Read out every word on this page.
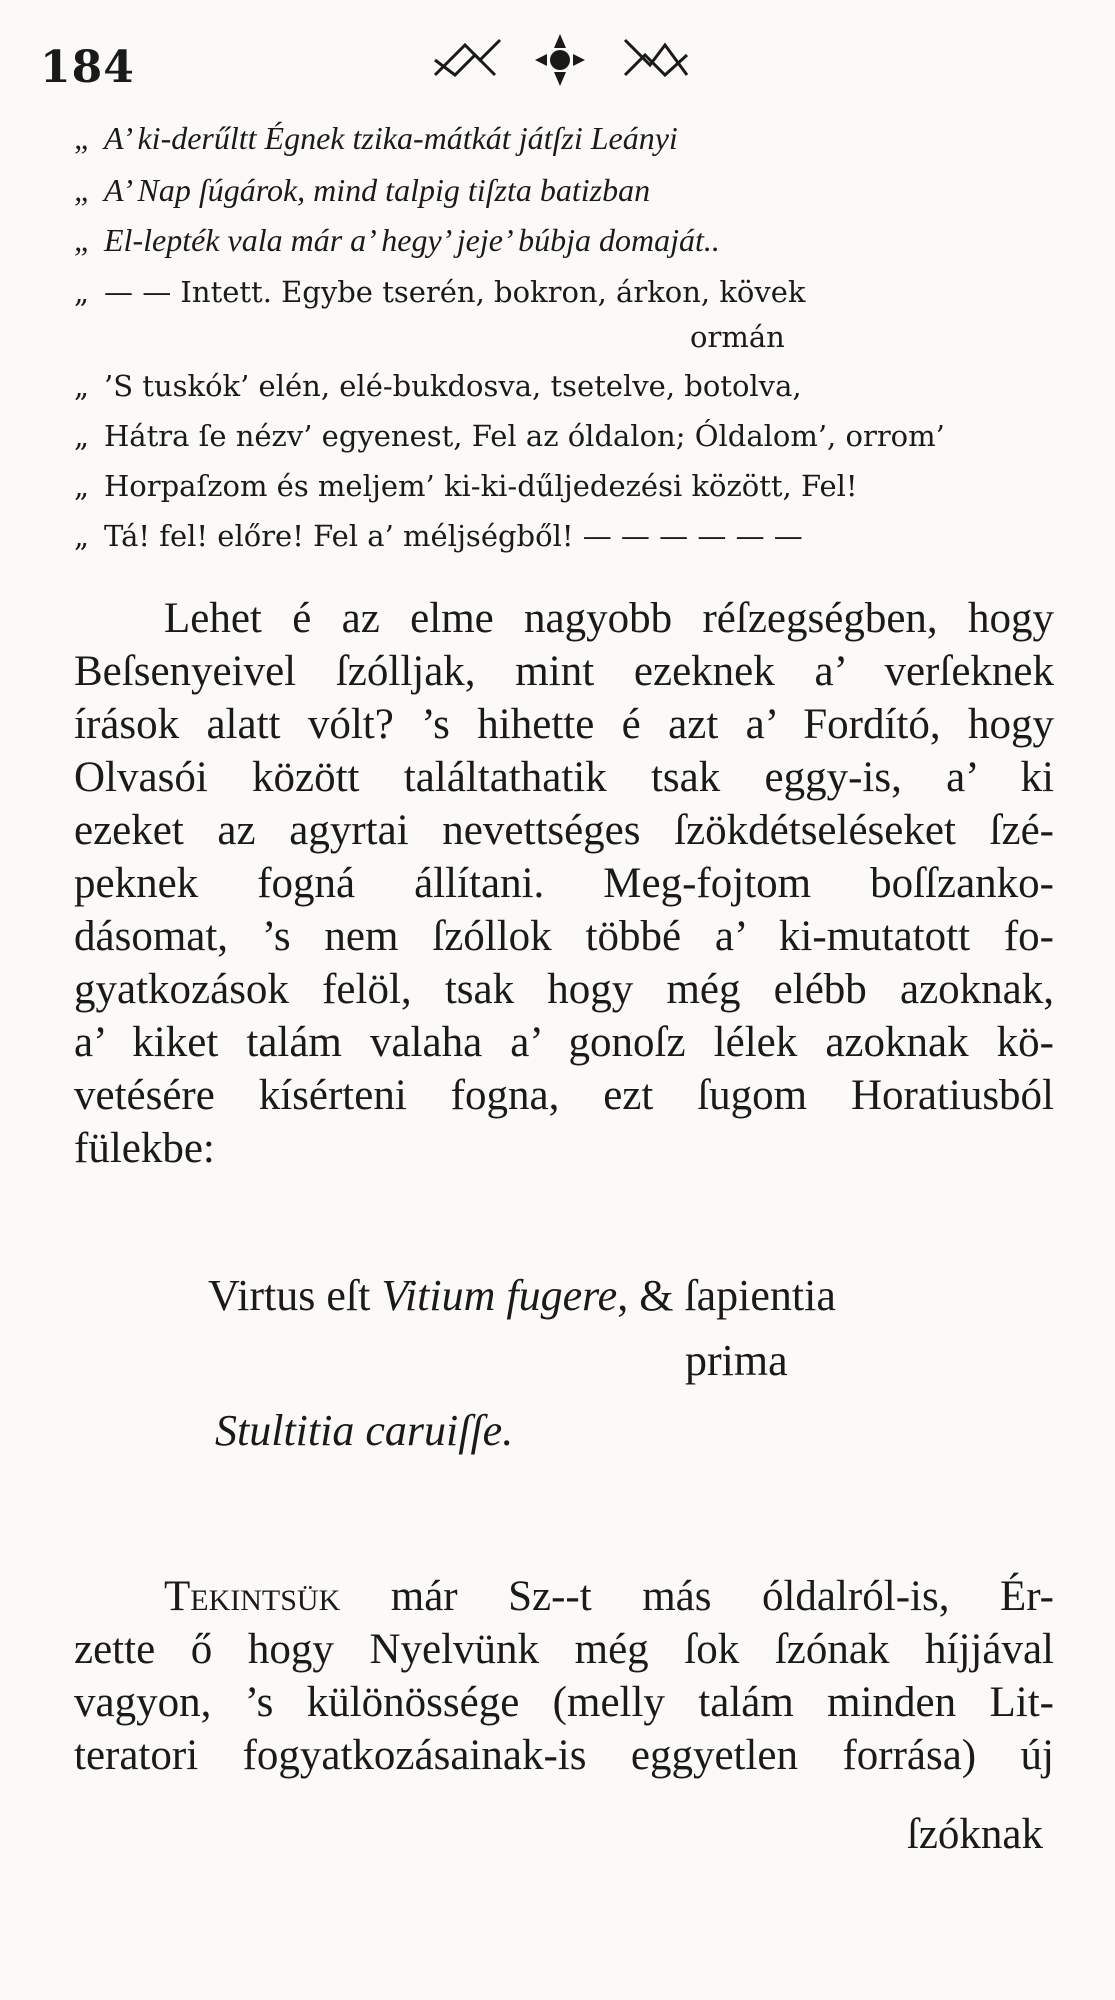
184
„ A’ ki-derűltt Égnek tzika-mátkát játſzi Leányi
„ A’ Nap ſúgárok, mind talpig tiſzta batizban
„ El-lepték vala már a’ hegy’ jeje’ búbja domaját..
„ — — Intett. Egybe tserén, bokron, árkon, kövek
ormán
„ ’S tuskók’ elén, elé-bukdosva, tsetelve, botolva,
„ Hátra ſe nézv’ egyenest, Fel az óldalon; Óldalom’, orrom’
„ Horpaſzom és meljem’ ki-ki-dűljedezési között, Fel!
„ Tá! fel! előre! Fel a’ méljségből! — — — — — —
Lehet é az elme nagyobb réſzegségben, hogy
Beſsenyeivel ſzólljak, mint ezeknek a’ verſeknek
írások alatt vólt? ’s hihette é azt a’ Fordító, hogy
Olvasói között találtathatik tsak eggy-is, a’ ki
ezeket az agyrtai nevettséges ſzökdétseléseket ſzé-
peknek fogná állítani. Meg-fojtom boſſzanko-
dásomat, ’s nem ſzóllok többé a’ ki-mutatott fo-
gyatkozások felöl, tsak hogy még elébb azoknak,
a’ kiket talám valaha a’ gonoſz lélek azoknak kö-
vetésére kísérteni fogna, ezt ſugom Horatiusból
fülekbe:
Virtus eſt Vitium fugere, & ſapientia
prima
Stultitia caruiſſe.
Tekintsük már Sz--t más óldalról-is, Ér-
zette ő hogy Nyelvünk még ſok ſzónak híjjával
vagyon, ’s különössége (melly talám minden Lit-
teratori fogyatkozásainak-is eggyetlen forrása) új
ſzóknak
